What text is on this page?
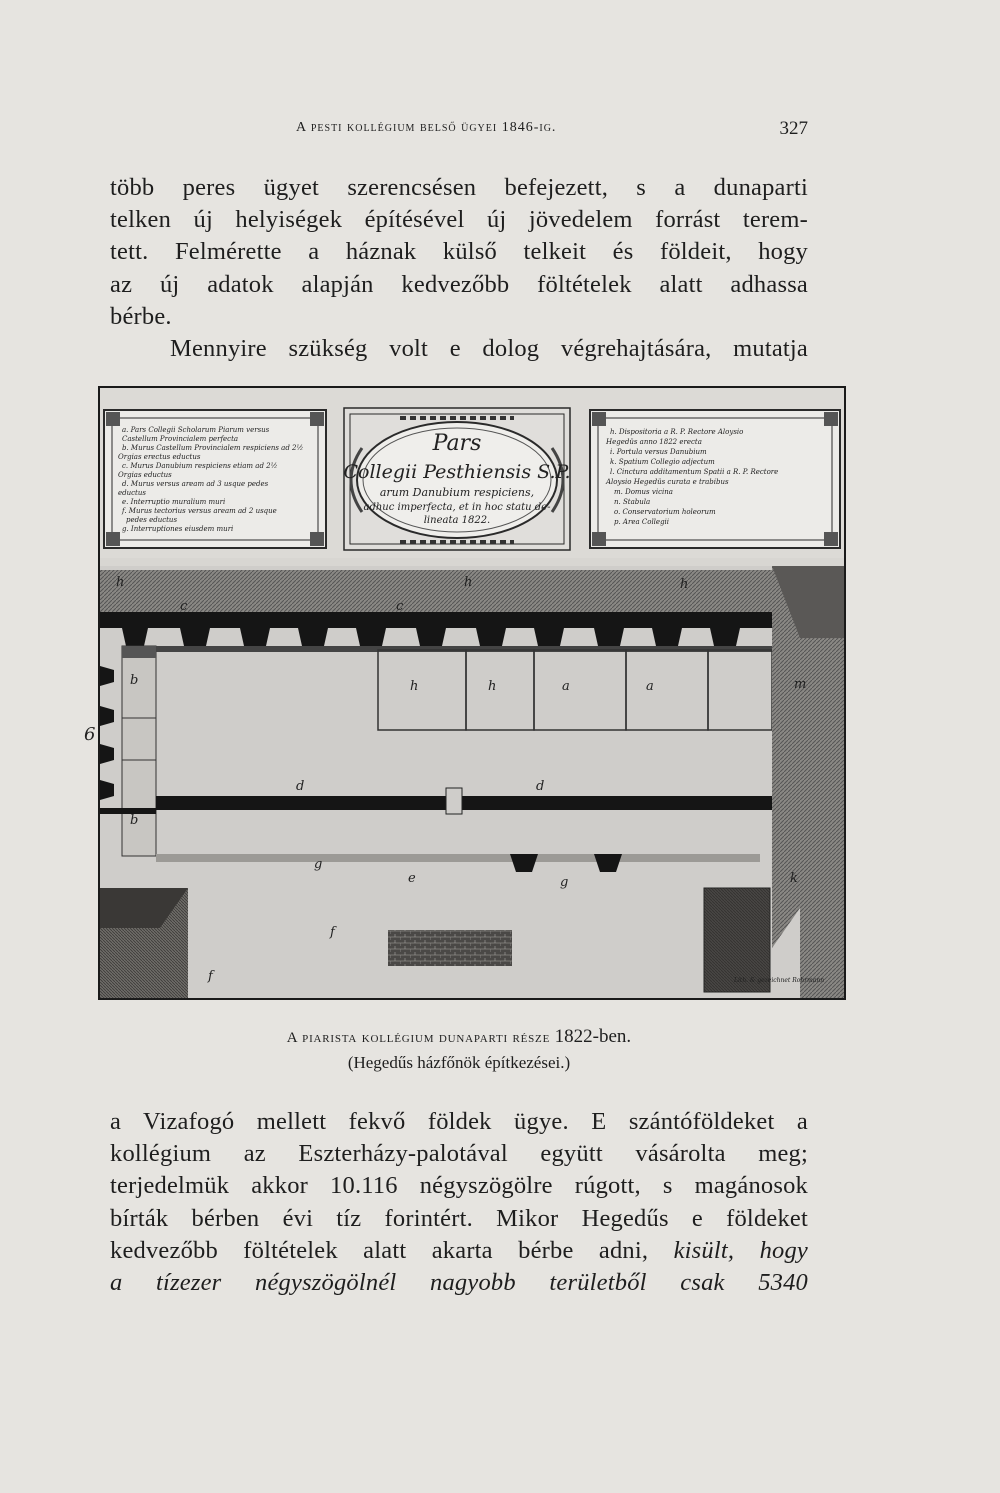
A pesti kollégium belső ügyei 1846-ig.	327

több peres ügyet szerencsésen befejezett, s a dunaparti
telken új helyiségek építésével új jövedelem forrást terem-
tett. Felmérette a háznak külső telkeit és földeit, hogy
az új adatok alapján kedvezőbb föltételek alatt adhassa
bérbe.
Mennyire szükség volt e dolog végrehajtására, mutatja

a. Pars Collegii Scholarum Piarum versus
Castellum Provincialem perfecta
b. Murus Castellum Provincialem respiciens ad 2½
Orgias erectus eductus
c. Murus Danubium respiciens etiam ad 2½
Orgias eductus
d. Murus versus aream ad 3 usque pedes
eductus
e. Interruptio muralium muri
f. Murus tectorius versus aream ad 2 usque
pedes eductus
g. Interruptiones eiusdem muri
Pars
Collegii Pesthiensis S.P.
arum Danubium respiciens,
adhuc imperfecta, et in hoc statu de-
lineata 1822.
h. Dispositoria a R. P. Rectore Aloysio
Hegedüs anno 1822 erecta
i. Portula versus Danubium
k. Spatium Collegio adjectum
l. Cinctura additamentum Spatii a R. P. Rectore
Aloysio Hegedüs curata e trabibus
m. Domus vicina
n. Stabula
o. Conservatorium holeorum
p. Area Collegii
h	h	h
c	c
b	h	h	a	a	m
b
d	d
g
e	g
f
f
k
6
Lith. & gezeichnet Rohrmann
A piarista kollégium dunaparti része 1822-ben.
(Hegedűs házfőnök építkezései.)

a Vizafogó mellett fekvő földek ügye. E szántóföldeket a
kollégium az Eszterházy-palotával együtt vásárolta meg;
terjedelmük akkor 10.116 négyszögölre rúgott, s magánosok
bírták bérben évi tíz forintért. Mikor Hegedűs e földeket
kedvezőbb föltételek alatt akarta bérbe adni, kisült, hogy
a tízezer négyszögölnél nagyobb területből csak 5340
